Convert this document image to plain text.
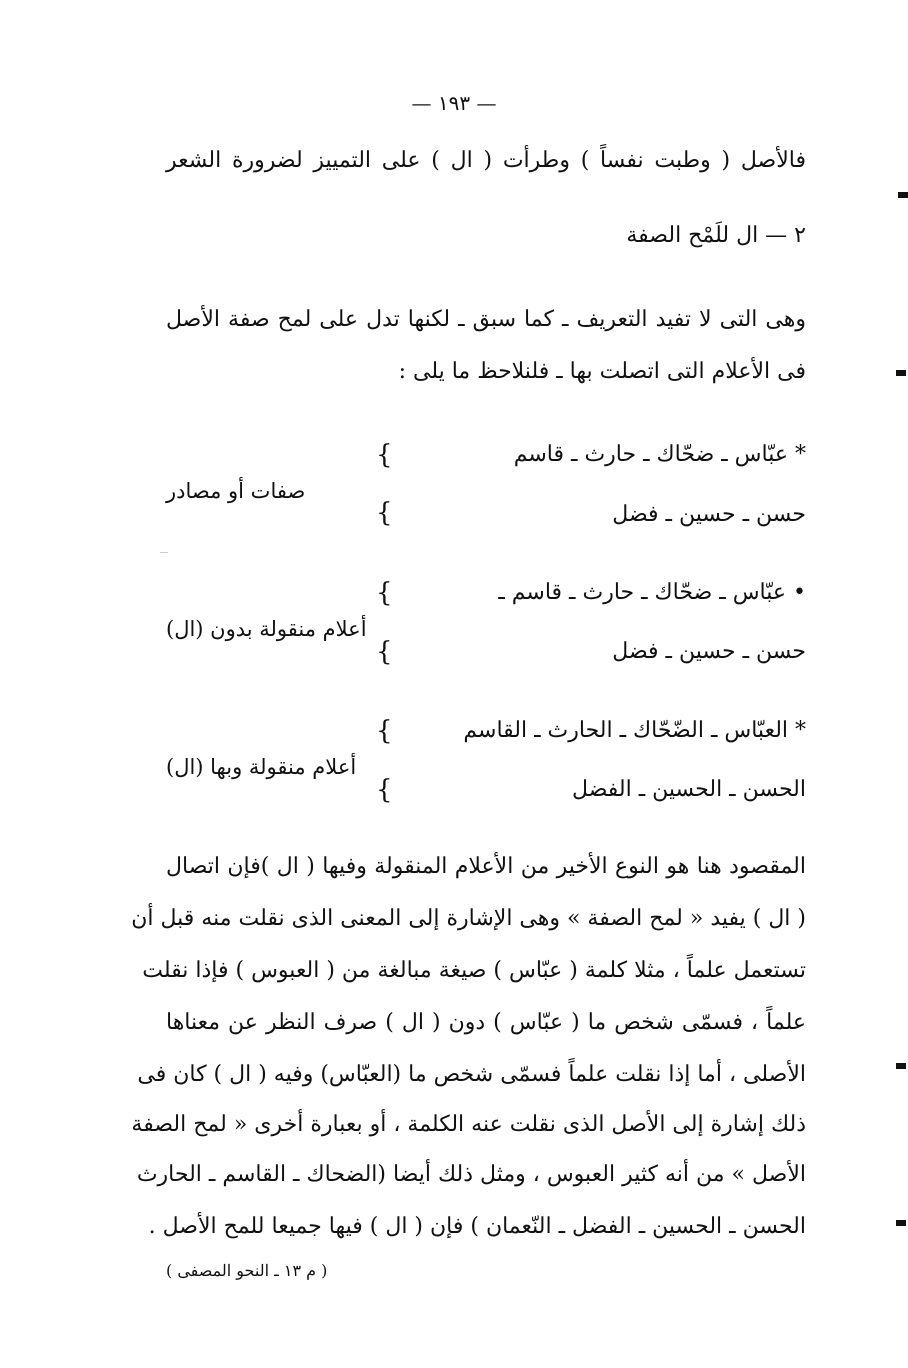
— ١٩٣ —
فالأصل ( وطبت نفساً ) وطرأت ( ال ) على التمييز لضرورة الشعر
٢ — ال للَمْح الصفة
وهى التى لا تفيد التعريف ـ كما سبق ـ لكنها تدل على لمح صفة الأصل
فى الأعلام التى اتصلت بها ـ فلنلاحظ ما يلى :
* عبّاس ـ ضحّاك ـ حارث ـ قاسم
حسن ـ حسين ـ فضل
{
{
صفات أو مصادر
• عبّاس ـ ضحّاك ـ حارث ـ قاسم ـ
حسن ـ حسين ـ فضل
{
{
أعلام منقولة بدون (ال)
* العبّاس ـ الضّحّاك ـ الحارث ـ القاسم
الحسن ـ الحسين ـ الفضل
{
{
أعلام منقولة وبها (ال)
المقصود هنا هو النوع الأخير من الأعلام المنقولة وفيها ( ال )فإن اتصال
( ال ) يفيد « لمح الصفة » وهى الإشارة إلى المعنى الذى نقلت منه قبل أن
تستعمل علماً ، مثلا كلمة ( عبّاس ) صيغة مبالغة من ( العبوس ) فإذا نقلت
علماً ، فسمّى شخص ما ( عبّاس ) دون ( ال ) صرف النظر عن معناها
الأصلى ، أما إذا نقلت علماً فسمّى شخص ما (العبّاس) وفيه ( ال ) كان فى
ذلك إشارة إلى الأصل الذى نقلت عنه الكلمة ، أو بعبارة أخرى « لمح الصفة
الأصل » من أنه كثير العبوس ، ومثل ذلك أيضا (الضحاك ـ القاسم ـ الحارث
الحسن ـ الحسين ـ الفضل ـ النّعمان ) فإن ( ال ) فيها جميعا للمح الأصل .
( م ١٣ ـ النحو المصفى )
